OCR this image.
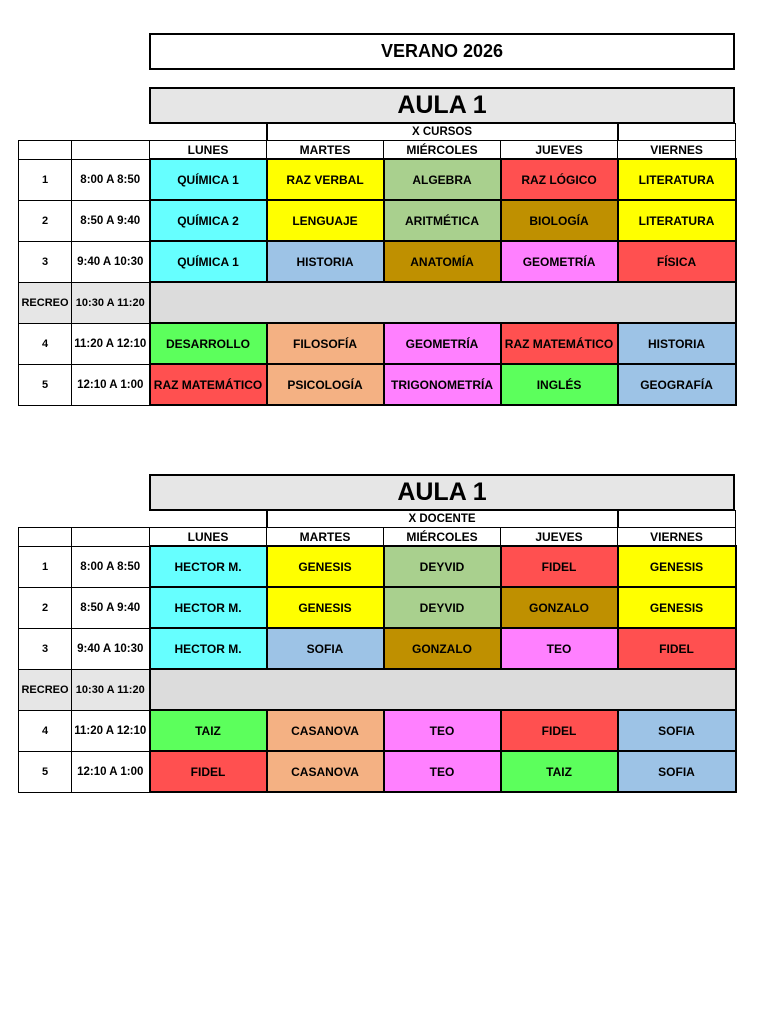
VERANO 2026
AULA 1
			X CURSOS			
		LUNES	MARTES	MIÉRCOLES	JUEVES	VIERNES
1	8:00 A 8:50	QUÍMICA 1	RAZ VERBAL	ALGEBRA	RAZ LÓGICO	LITERATURA
2	8:50 A 9:40	QUÍMICA 2	LENGUAJE	ARITMÉTICA	BIOLOGÍA	LITERATURA
3	9:40 A 10:30	QUÍMICA 1	HISTORIA	ANATOMÍA	GEOMETRÍA	FÍSICA
RECREO	10:30 A 11:20					
4	11:20 A 12:10	DESARROLLO	FILOSOFÍA	GEOMETRÍA	RAZ MATEMÁTICO	HISTORIA
5	12:10 A 1:00	RAZ MATEMÁTICO	PSICOLOGÍA	TRIGONOMETRÍA	INGLÉS	GEOGRAFÍA
AULA 1
			X DOCENTE			
		LUNES	MARTES	MIÉRCOLES	JUEVES	VIERNES
1	8:00 A 8:50	HECTOR M.	GENESIS	DEYVID	FIDEL	GENESIS
2	8:50 A 9:40	HECTOR M.	GENESIS	DEYVID	GONZALO	GENESIS
3	9:40 A 10:30	HECTOR M.	SOFIA	GONZALO	TEO	FIDEL
RECREO	10:30 A 11:20					
4	11:20 A 12:10	TAIZ	CASANOVA	TEO	FIDEL	SOFIA
5	12:10 A 1:00	FIDEL	CASANOVA	TEO	TAIZ	SOFIA
